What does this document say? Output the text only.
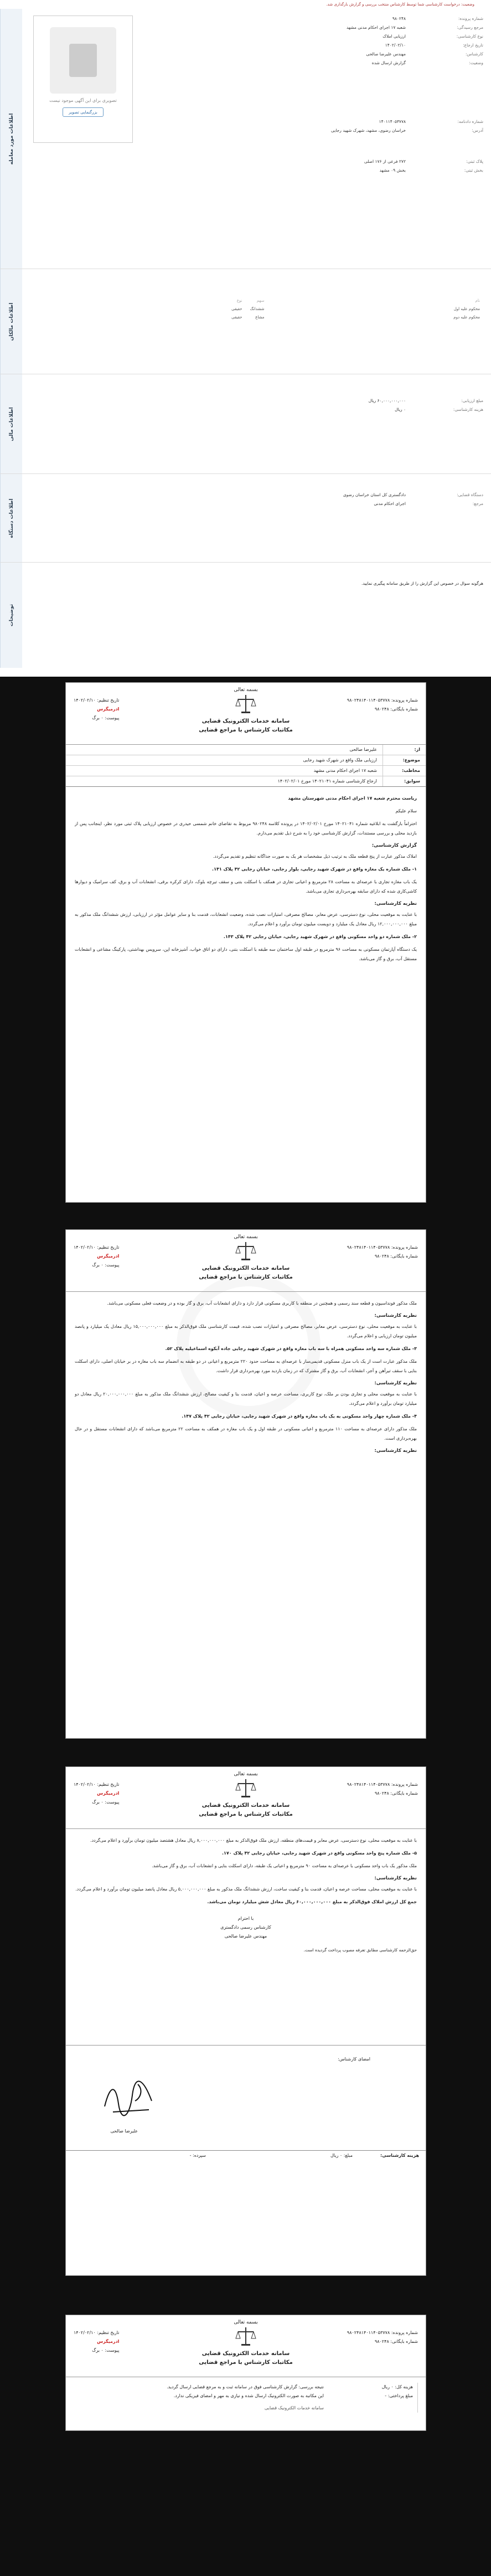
وضعیت: درخواست کارشناسی شما توسط کارشناس منتخب بررسی و گزارش بارگذاری شد.
تصویری برای این آگهی موجود نیست
بزرگنمایی تصویر
شماره پرونده:
۹۸۰۲۴۸
مرجع رسیدگی:
شعبه ۱۷ اجرای احکام مدنی مشهد
نوع کارشناسی:
ارزیابی املاک
تاریخ ارجاع:
۱۴۰۲/۰۲/۱۰
کارشناس:
مهندس علیرضا صالحی
وضعیت:
گزارش ارسال شده
شماره دادنامه:
۱۴۰۱۱۴۰۵۳۷۷۸
آدرس:
خراسان رضوی، مشهد، شهرک شهید رجایی
پلاک ثبتی:
۲۷۲ فرعی از ۱۷۶ اصلی
بخش ثبتی:
بخش ۰۹ مشهد
اطلاعات مورد معامله
نام
سهم
نوع
محکوم علیه اول
ششدانگ
حقیقی
محکوم علیه دوم
مشاع
حقیقی
اطلاعات مالکان
مبلغ ارزیابی:
۶۰,۰۰۰,۰۰۰,۰۰۰ ریال
هزینه کارشناسی:
۰ ریال
اطلاعات مالی
دستگاه قضایی:
دادگستری کل استان خراسان رضوی
مرجع:
اجرای احکام مدنی
اطلاعات دستگاه
هرگونه سوال در خصوص این گزارش را از طریق سامانه پیگیری نمایید.
توضیحات
بسمه تعالی
سامانه خدمات الکترونیک قضایی
مکاتبات کارشناس با مراجع قضایی
شماره پرونده: ۹۸۰۲۴۸۱۴۰۱۱۴۰۵۳۷۷۸
شماره بایگانی: ۹۸۰۲۴۸
تاریخ تنظیم: ۱۴۰۲/۰۲/۱۰
ادرمیگرس
پیوست: ۰ برگ
از:
علیرضا صالحی
موضوع:
ارزیابی ملک واقع در شهرک شهید رجایی
مخاطب:
شعبه ۱۷ اجرای احکام مدنی مشهد
سوابق:
ارجاع کارشناسی شماره ۱۴۰۲۱۰۴۱ مورخ ۱۴۰۲/۰۲/۰۱

ریاست محترم شعبه ۱۷ اجرای احکام مدنی شهرستان مشهد

سلام علیکم

احتراماً بازگشت به ابلاغیه شماره ۱۴۰۲۱۰۴۱ مورخ ۱۴۰۲/۰۲/۰۱ در پرونده کلاسه ۹۸۰۲۴۸ مربوط به تقاضای خانم شمسی حیدری در خصوص ارزیابی پلاک ثبتی مورد نظر، اینجانب پس از بازدید محلی و بررسی مستندات، گزارش کارشناسی خود را به شرح ذیل تقدیم می‌دارم.

گزارش کارشناسی:

املاک مذکور عبارت از پنج قطعه ملک به ترتیب ذیل مشخصات هر یک به صورت جداگانه تنظیم و تقدیم می‌گردد.

۱- ملک شماره یک مغازه واقع در شهرک شهید رجایی، بلوار رجایی، خیابان رجایی ۴۲ پلاک ۱۴۱.

یک باب مغازه تجاری با عرصه‌ای به مساحت ۲۸ مترمربع و اعیانی تجاری در همکف با اسکلت بتنی و سقف تیرچه بلوک، دارای کرکره برقی، انشعابات آب و برق، کف سرامیک و دیوارها کاشی‌کاری شده که دارای سابقه بهره‌برداری تجاری می‌باشد.

نظریه کارشناسی:

با عنایت به موقعیت محلی، نوع دسترسی، عرض معابر، مصالح مصرفی، امتیازات نصب شده، وضعیت انشعابات، قدمت بنا و سایر عوامل مؤثر در ارزیابی، ارزش ششدانگ ملک مذکور به مبلغ ۱۲,۰۰۰,۰۰۰,۰۰۰ ریال معادل یک میلیارد و دویست میلیون تومان برآورد و اعلام می‌گردد.

۲- ملک شماره دو واحد مسکونی واقع در شهرک شهید رجایی، خیابان رجایی ۴۲ پلاک ۱۴۳.

یک دستگاه آپارتمان مسکونی به مساحت ۹۶ مترمربع در طبقه اول ساختمان سه طبقه با اسکلت بتنی، دارای دو اتاق خواب، آشپزخانه اپن، سرویس بهداشتی، پارکینگ مشاعی و انشعابات مستقل آب، برق و گاز می‌باشد.

بسمه تعالی
سامانه خدمات الکترونیک قضایی
مکاتبات کارشناس با مراجع قضایی
شماره پرونده: ۹۸۰۲۴۸۱۴۰۱۱۴۰۵۳۷۷۸
شماره بایگانی: ۹۸۰۲۴۸
تاریخ تنظیم: ۱۴۰۲/۰۲/۱۰
ادرمیگرس
پیوست: ۰ برگ

ملک مذکور فونداسیون و قطعه سند رسمی و همچنین در منطقه با کاربری مسکونی قرار دارد و دارای انشعابات آب، برق و گاز بوده و در وضعیت فعلی مسکونی می‌باشد.

نظریه کارشناسی:

با عنایت به موقعیت محلی، نوع دسترسی، عرض معابر، مصالح مصرفی و امتیازات نصب شده، قیمت کارشناسی ملک فوق‌الذکر به مبلغ ۱۵,۰۰۰,۰۰۰,۰۰۰ ریال معادل یک میلیارد و پانصد میلیون تومان ارزیابی و اعلام می‌گردد.

۳- ملک شماره سه واحد مسکونی همراه با سه باب مغازه واقع در شهرک شهید رجایی جاده آبکوه اسماعیلیه پلاک ۵۲.

ملک مذکور عبارت است از یک باب منزل مسکونی قدیمی‌ساز با عرصه‌ای به مساحت حدود ۲۲۰ مترمربع و اعیانی در دو طبقه به انضمام سه باب مغازه در بر خیابان اصلی، دارای اسکلت بنایی با سقف تیرآهن و آجر، انشعابات آب، برق و گاز مشترک که در زمان بازدید مورد بهره‌برداری قرار داشت.

نظریه کارشناسی:

با عنایت به موقعیت محلی و تجاری بودن بر ملک، نوع کاربری، مساحت عرصه و اعیان، قدمت بنا و کیفیت مصالح، ارزش ششدانگ ملک مذکور به مبلغ ۲۰,۰۰۰,۰۰۰,۰۰۰ ریال معادل دو میلیارد تومان برآورد و اعلام می‌گردد.

۴- ملک شماره چهار واحد مسکونی به یک باب مغازه واقع در شهرک شهید رجایی، خیابان رجایی ۴۲ پلاک ۱۴۷.

ملک مذکور دارای عرصه‌ای به مساحت ۱۱۰ مترمربع و اعیانی مسکونی در طبقه اول و یک باب مغازه در همکف به مساحت ۲۲ مترمربع می‌باشد که دارای انشعابات مستقل و در حال بهره‌برداری است.

نظریه کارشناسی:
بسمه تعالی
سامانه خدمات الکترونیک قضایی
مکاتبات کارشناس با مراجع قضایی
شماره پرونده: ۹۸۰۲۴۸۱۴۰۱۱۴۰۵۳۷۷۸
شماره بایگانی: ۹۸۰۲۴۸
تاریخ تنظیم: ۱۴۰۲/۰۲/۱۰
ادرمیگرس
پیوست: ۰ برگ

با عنایت به موقعیت محلی، نوع دسترسی، عرض معابر و قیمت‌های منطقه، ارزش ملک فوق‌الذکر به مبلغ ۸,۰۰۰,۰۰۰,۰۰۰ ریال معادل هشتصد میلیون تومان برآورد و اعلام می‌گردد.

۵- ملک شماره پنج واحد مسکونی واقع در شهرک شهید رجایی، خیابان رجایی ۴۲ پلاک ۱۷۰.

ملک مذکور یک باب واحد مسکونی با عرصه‌ای به مساحت ۹۰ مترمربع و اعیانی یک طبقه، دارای اسکلت بنایی و انشعابات آب، برق و گاز می‌باشد.

نظریه کارشناسی:

با عنایت به موقعیت محلی، مساحت عرصه و اعیان، قدمت بنا و کیفیت ساخت، ارزش ششدانگ ملک مذکور به مبلغ ۵,۰۰۰,۰۰۰,۰۰۰ ریال معادل پانصد میلیون تومان برآورد و اعلام می‌گردد.

جمع کل ارزش املاک فوق‌الذکر به مبلغ ۶۰,۰۰۰,۰۰۰,۰۰۰ ریال معادل شش میلیارد تومان می‌باشد.

با احترام
کارشناس رسمی دادگستری
مهندس علیرضا صالحی

حق‌الزحمه کارشناسی مطابق تعرفه مصوب پرداخت گردیده است.

امضای کارشناس:
علیرضا صالحی
هزینه کارشناسی:
مبلغ: ۰ ریال
سپرده: -
بسمه تعالی
سامانه خدمات الکترونیک قضایی
مکاتبات کارشناس با مراجع قضایی
شماره پرونده: ۹۸۰۲۴۸۱۴۰۱۱۴۰۵۳۷۷۸
شماره بایگانی: ۹۸۰۲۴۸
تاریخ تنظیم: ۱۴۰۲/۰۲/۱۰
ادرمیگرس
پیوست: ۰ برگ
هزینه کل: ۰ ریال
مبلغ پرداختی: -
نتیجه بررسی: گزارش کارشناسی فوق در سامانه ثبت و به مرجع قضایی ارسال گردید.
این مکاتبه به صورت الکترونیک ارسال شده و نیازی به مهر و امضای فیزیکی ندارد.
سامانه خدمات الکترونیک قضایی
